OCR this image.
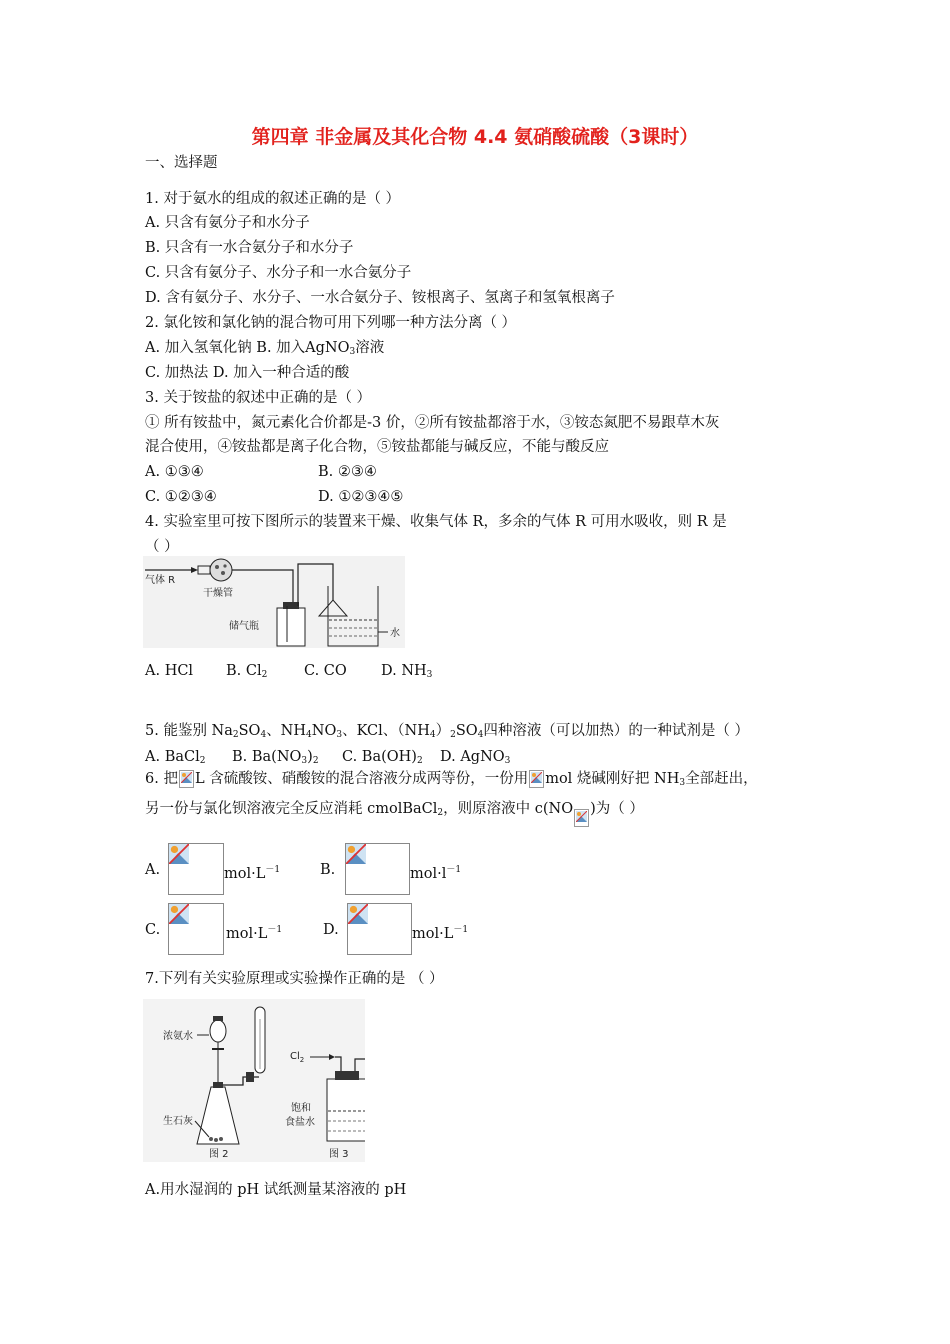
第四章 非金属及其化合物 4.4 氨硝酸硫酸（3课时）
一、选择题
1. 对于氨水的组成的叙述正确的是（ ）
A. 只含有氨分子和水分子
B. 只含有一水合氨分子和水分子
C. 只含有氨分子、水分子和一水合氨分子
D. 含有氨分子、水分子、一水合氨分子、铵根离子、氢离子和氢氧根离子
2. 氯化铵和氯化钠的混合物可用下列哪一种方法分离（ ）
A. 加入氢氧化钠 B. 加入AgNO$_3$溶液
C. 加热法 D. 加入一种合适的酸
3. 关于铵盐的叙述中正确的是（ ）
① 所有铵盐中，氮元素化合价都是-3 价，②所有铵盐都溶于水，③铵态氮肥不易跟草木灰
混合使用，④铵盐都是离子化合物，⑤铵盐都能与碱反应，不能与酸反应
A. ①③④	B. ②③④
C. ①②③④	D. ①②③④⑤
4. 实验室里可按下图所示的装置来干燥、收集气体 R，多余的气体 R 可用水吸收，则 R 是
（ ）
气体 R
干燥管
储气瓶
水
A. HCl B. $Cl_2$	C. CO D. $NH_3$
5. 能鉴别 $Na_2SO_4$、$NH_4NO_3$、KCl、$(NH_4)_2SO_4$四种溶液（可以加热）的一种试剂是（ ）
A. BaCl$_2$ B. $Ba(NO_3)_2$ C. $Ba(OH)_2$ D. AgNO$_3$
6. 把 L 含硫酸铵、硝酸铵的混合溶液分成两等份，一份用 mol 烧碱刚好把 $NH_3$全部赶出，
另一份与氯化钡溶液完全反应消耗 cmolBaCl$_2$，则原溶液中 c(NO )为（ ）
A.	$mol\cdot L^{-1}$	B.	$mol\cdot l^{-1}$
C.	$mol\cdot L^{-1}$	D.	$mol\cdot L^{-1}$
7.下列有关实验原理或实验操作正确的是 （ ）
浓氨水
生石灰
图 2
$Cl_2$
饱和
食盐水
图 3
A.用水湿润的 pH 试纸测量某溶液的 pH
